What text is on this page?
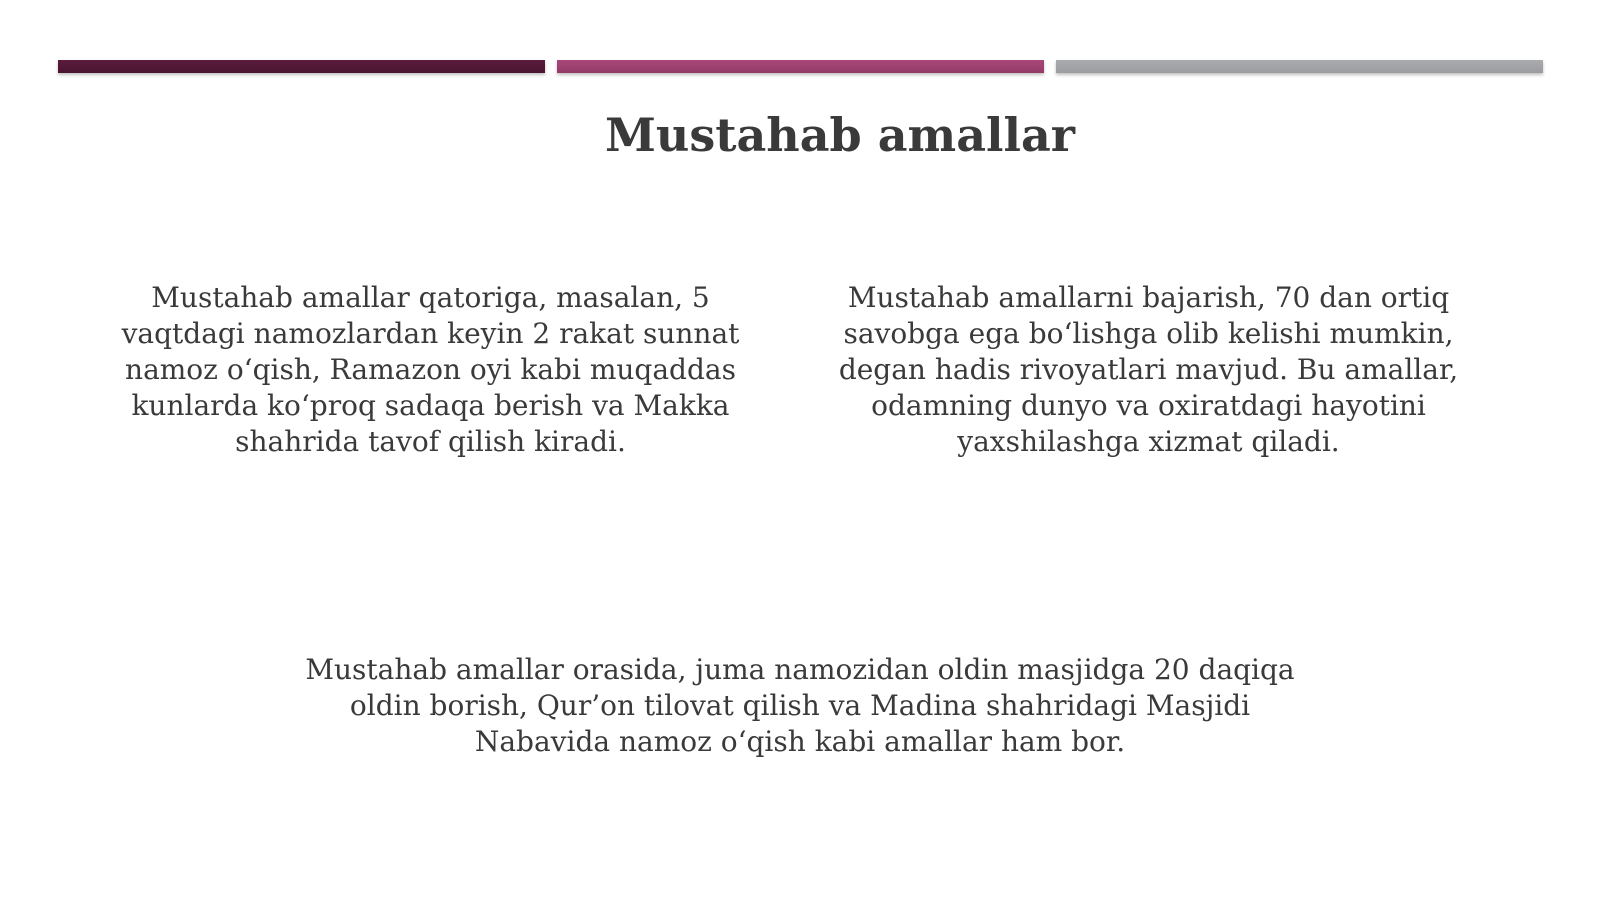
Mustahab amallar

Mustahab amallar qatoriga, masalan, 5 vaqtdagi namozlardan keyin 2 rakat sunnat namoz o‘qish, Ramazon oyi kabi muqaddas kunlarda ko‘proq sadaqa berish va Makka shahrida tavof qilish kiradi.

Mustahab amallarni bajarish, 70 dan ortiq savobga ega bo‘lishga olib kelishi mumkin, degan hadis rivoyatlari mavjud. Bu amallar, odamning dunyo va oxiratdagi hayotini yaxshilashga xizmat qiladi.

Mustahab amallar orasida, juma namozidan oldin masjidga 20 daqiqa oldin borish, Qur’on tilovat qilish va Madina shahridagi Masjidi Nabavida namoz o‘qish kabi amallar ham bor.
